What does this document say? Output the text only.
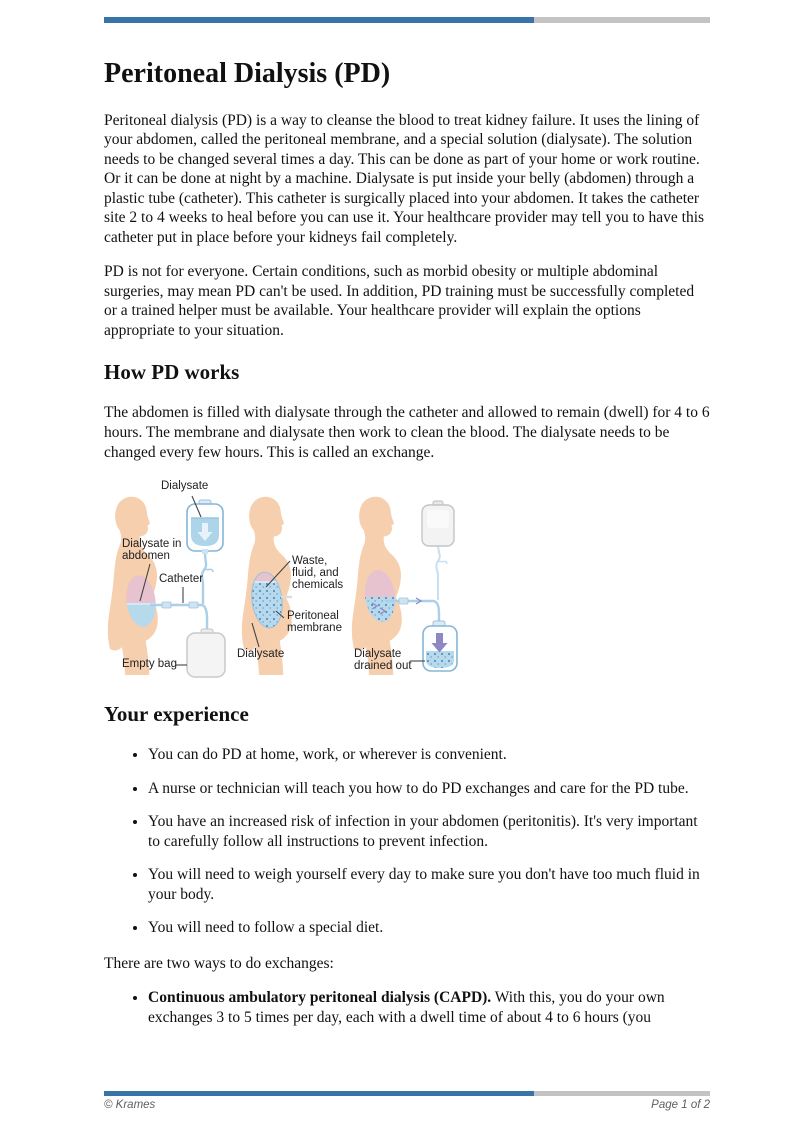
Peritoneal Dialysis (PD)

Peritoneal dialysis (PD) is a way to cleanse the blood to treat kidney failure. It uses the lining of your abdomen, called the peritoneal membrane, and a special solution (dialysate). The solution needs to be changed several times a day. This can be done as part of your home or work routine. Or it can be done at night by a machine. Dialysate is put inside your belly (abdomen) through a plastic tube (catheter). This catheter is surgically placed into your abdomen. It takes the catheter site 2 to 4 weeks to heal before you can use it. Your healthcare provider may tell you to have this catheter put in place before your kidneys fail completely.

PD is not for everyone. Certain conditions, such as morbid obesity or multiple abdominal surgeries, may mean PD can't be used. In addition, PD training must be successfully completed or a trained helper must be available. Your healthcare provider will explain the options appropriate to your situation.

How PD works

The abdomen is filled with dialysate through the catheter and allowed to remain (dwell) for 4 to 6 hours. The membrane and dialysate then work to clean the blood. The dialysate needs to be changed every few hours. This is called an exchange.

Dialysate
Dialysate in abdomen
Catheter
Empty bag
Waste, fluid, and chemicals
Peritoneal membrane
Dialysate	Dialysate drained out
Your experience
• You can do PD at home, work, or wherever is convenient.
• A nurse or technician will teach you how to do PD exchanges and care for the PD tube.
• You have an increased risk of infection in your abdomen (peritonitis). It's very important to carefully follow all instructions to prevent infection.
• You will need to weigh yourself every day to make sure you don't have too much fluid in your body.
• You will need to follow a special diet.

There are two ways to do exchanges:

• Continuous ambulatory peritoneal dialysis (CAPD). With this, you do your own exchanges 3 to 5 times per day, each with a dwell time of about 4 to 6 hours (you
© Krames	Page 1 of 2
